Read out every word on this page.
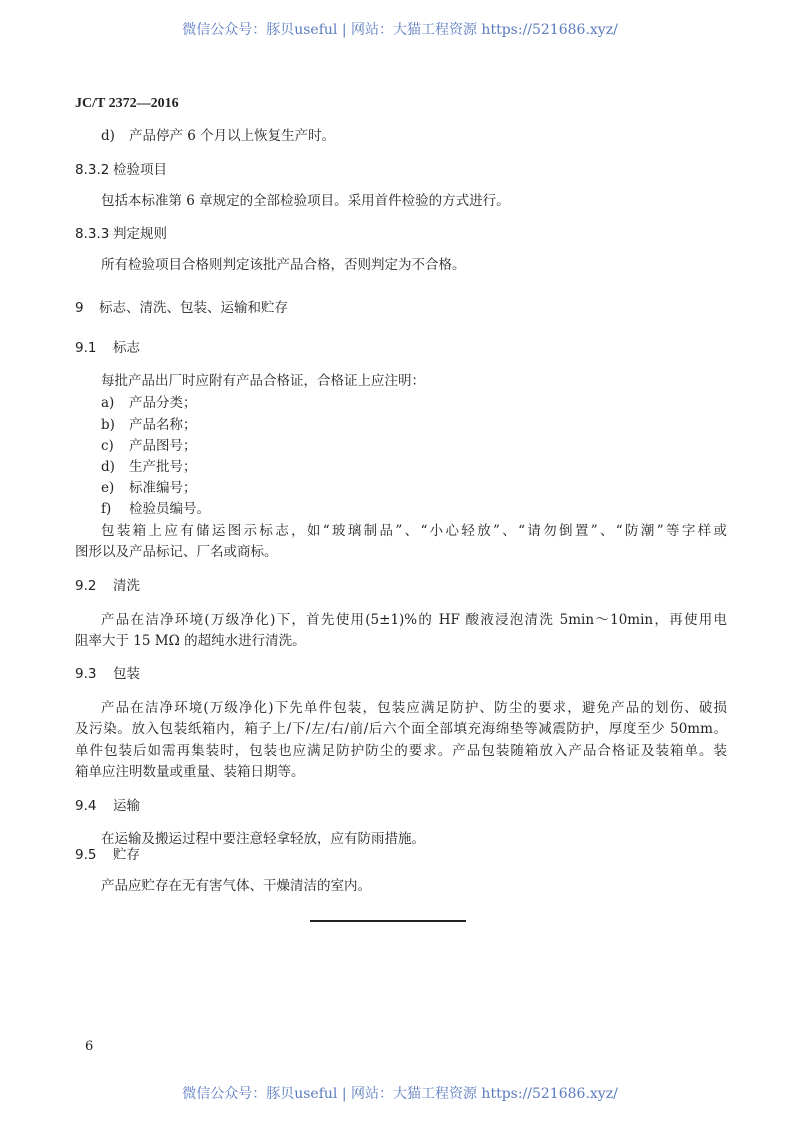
微信公众号：豚贝useful | 网站：大猫工程资源 https://521686.xyz/
JC/T 2372—2016
d) 产品停产 6 个月以上恢复生产时。
8.3.2 检验项目
包括本标准第 6 章规定的全部检验项目。采用首件检验的方式进行。
8.3.3 判定规则
所有检验项目合格则判定该批产品合格，否则判定为不合格。
9 标志、清洗、包装、运输和贮存
9.1 标志
每批产品出厂时应附有产品合格证，合格证上应注明：
a) 产品分类；
b) 产品名称；
c) 产品图号；
d) 生产批号；
e) 标准编号；
f) 检验员编号。
包装箱上应有储运图示标志，如“玻璃制品”、“小心轻放”、“请勿倒置”、“防潮”等字样或
图形以及产品标记、厂名或商标。
9.2 清洗
产品在洁净环境(万级净化)下，首先使用(5±1)%的 HF 酸液浸泡清洗 5min～10min，再使用电
阻率大于 15 MΩ 的超纯水进行清洗。
9.3 包装
产品在洁净环境(万级净化)下先单件包装，包装应满足防护、防尘的要求，避免产品的划伤、破损
及污染。放入包装纸箱内，箱子上/下/左/右/前/后六个面全部填充海绵垫等减震防护，厚度至少 50mm。
单件包装后如需再集装时，包装也应满足防护防尘的要求。产品包装随箱放入产品合格证及装箱单。装
箱单应注明数量或重量、装箱日期等。
9.4 运输
在运输及搬运过程中要注意轻拿轻放，应有防雨措施。
9.5 贮存
产品应贮存在无有害气体、干燥清洁的室内。
6
微信公众号：豚贝useful | 网站：大猫工程资源 https://521686.xyz/
